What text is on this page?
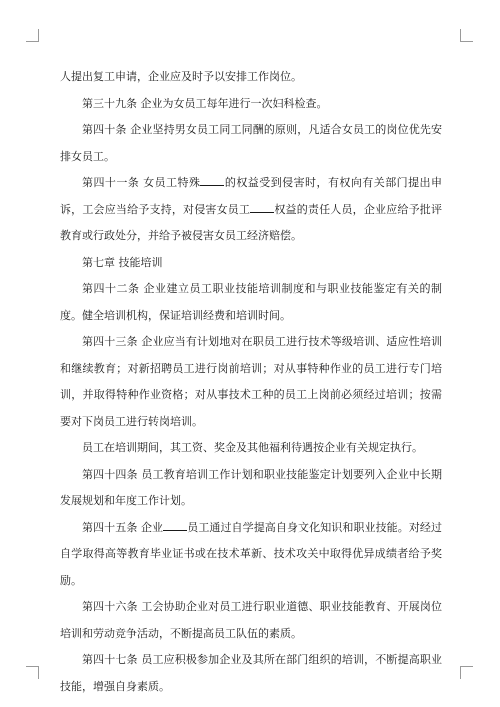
人提出复工申请，企业应及时予以安排工作岗位。

第三十九条 企业为女员工每年进行一次妇科检查。

第四十条 企业坚持男女员工同工同酬的原则，凡适合女员工的岗位优先安排女员工。

第四十一条 女员工特殊 的权益受到侵害时，有权向有关部门提出申诉，工会应当给予支持，对侵害女员工 权益的责任人员，企业应给予批评教育或行政处分，并给予被侵害女员工经济赔偿。

第七章 技能培训

第四十二条 企业建立员工职业技能培训制度和与职业技能鉴定有关的制度。健全培训机构，保证培训经费和培训时间。

第四十三条 企业应当有计划地对在职员工进行技术等级培训、适应性培训和继续教育；对新招聘员工进行岗前培训；对从事特种作业的员工进行专门培训，并取得特种作业资格；对从事技术工种的员工上岗前必须经过培训；按需要对下岗员工进行转岗培训。

员工在培训期间，其工资、奖金及其他福利待遇按企业有关规定执行。

第四十四条 员工教育培训工作计划和职业技能鉴定计划要列入企业中长期发展规划和年度工作计划。

第四十五条 企业 员工通过自学提高自身文化知识和职业技能。对经过自学取得高等教育毕业证书或在技术革新、技术攻关中取得优异成绩者给予奖励。

第四十六条 工会协助企业对员工进行职业道德、职业技能教育、开展岗位培训和劳动竞争活动，不断提高员工队伍的素质。

第四十七条 员工应积极参加企业及其所在部门组织的培训，不断提高职业技能，增强自身素质。
